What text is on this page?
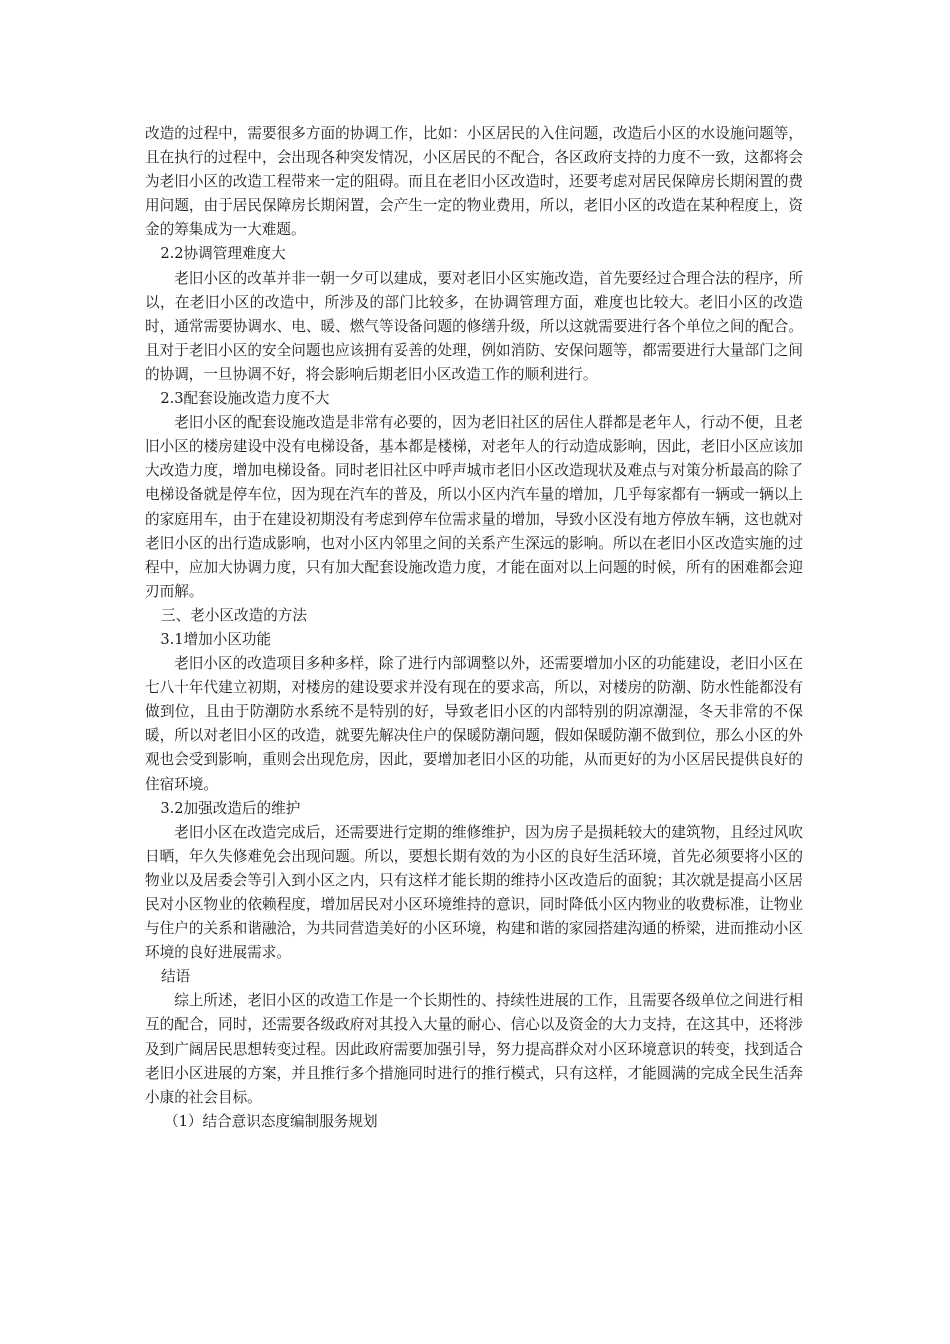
改造的过程中，需要很多方面的协调工作，比如：小区居民的入住问题，改造后小区的水设施问题等，且在执行的过程中，会出现各种突发情况，小区居民的不配合，各区政府支持的力度不一致，这都将会为老旧小区的改造工程带来一定的阻碍。而且在老旧小区改造时，还要考虑对居民保障房长期闲置的费用问题，由于居民保障房长期闲置，会产生一定的物业费用，所以，老旧小区的改造在某种程度上，资金的筹集成为一大难题。

2.2协调管理难度大

老旧小区的改革并非一朝一夕可以建成，要对老旧小区实施改造，首先要经过合理合法的程序，所以，在老旧小区的改造中，所涉及的部门比较多，在协调管理方面，难度也比较大。老旧小区的改造时，通常需要协调水、电、暖、燃气等设备问题的修缮升级，所以这就需要进行各个单位之间的配合。且对于老旧小区的安全问题也应该拥有妥善的处理，例如消防、安保问题等，都需要进行大量部门之间的协调，一旦协调不好，将会影响后期老旧小区改造工作的顺利进行。

2.3配套设施改造力度不大

老旧小区的配套设施改造是非常有必要的，因为老旧社区的居住人群都是老年人，行动不便，且老旧小区的楼房建设中没有电梯设备，基本都是楼梯，对老年人的行动造成影响，因此，老旧小区应该加大改造力度，增加电梯设备。同时老旧社区中呼声城市老旧小区改造现状及难点与对策分析最高的除了电梯设备就是停车位，因为现在汽车的普及，所以小区内汽车量的增加，几乎每家都有一辆或一辆以上的家庭用车，由于在建设初期没有考虑到停车位需求量的增加，导致小区没有地方停放车辆，这也就对老旧小区的出行造成影响，也对小区内邻里之间的关系产生深远的影响。所以在老旧小区改造实施的过程中，应加大协调力度，只有加大配套设施改造力度，才能在面对以上问题的时候，所有的困难都会迎刃而解。

三、老小区改造的方法

3.1增加小区功能

老旧小区的改造项目多种多样，除了进行内部调整以外，还需要增加小区的功能建设，老旧小区在七八十年代建立初期，对楼房的建设要求并没有现在的要求高，所以，对楼房的防潮、防水性能都没有做到位，且由于防潮防水系统不是特别的好，导致老旧小区的内部特别的阴凉潮湿，冬天非常的不保暖，所以对老旧小区的改造，就要先解决住户的保暖防潮问题，假如保暖防潮不做到位，那么小区的外观也会受到影响，重则会出现危房，因此，要增加老旧小区的功能，从而更好的为小区居民提供良好的住宿环境。

3.2加强改造后的维护

老旧小区在改造完成后，还需要进行定期的维修维护，因为房子是损耗较大的建筑物，且经过风吹日晒，年久失修难免会出现问题。所以，要想长期有效的为小区的良好生活环境，首先必须要将小区的物业以及居委会等引入到小区之内，只有这样才能长期的维持小区改造后的面貌；其次就是提高小区居民对小区物业的依赖程度，增加居民对小区环境维持的意识，同时降低小区内物业的收费标准，让物业与住户的关系和谐融洽，为共同营造美好的小区环境，构建和谐的家园搭建沟通的桥梁，进而推动小区环境的良好进展需求。

结语

综上所述，老旧小区的改造工作是一个长期性的、持续性进展的工作，且需要各级单位之间进行相互的配合，同时，还需要各级政府对其投入大量的耐心、信心以及资金的大力支持，在这其中，还将涉及到广阔居民思想转变过程。因此政府需要加强引导，努力提高群众对小区环境意识的转变，找到适合老旧小区进展的方案，并且推行多个措施同时进行的推行模式，只有这样，才能圆满的完成全民生活奔小康的社会目标。

（1）结合意识态度编制服务规划
